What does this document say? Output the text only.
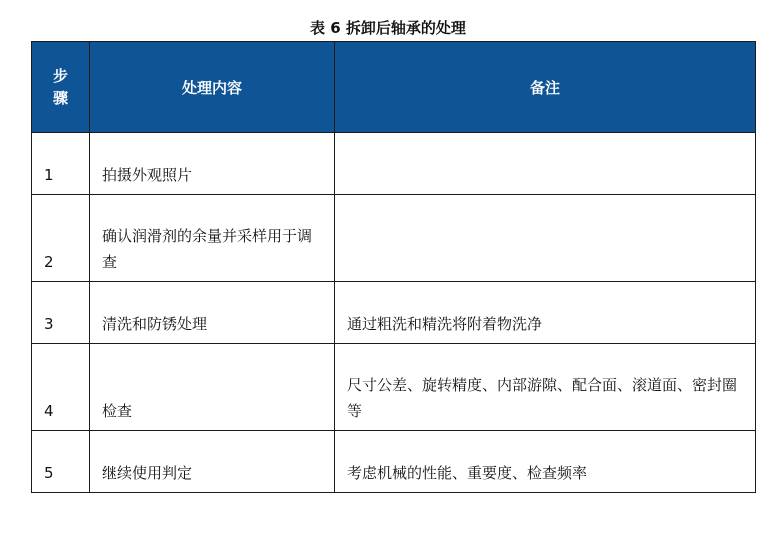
表 6 拆卸后轴承的处理
步
骤	处理内容	备注
1	拍摄外观照片	
2	确认润滑剂的余量并采样用于调查	
3	清洗和防锈处理	通过粗洗和精洗将附着物洗净
4	检查	尺寸公差、旋转精度、内部游隙、配合面、滚道面、密封圈等
5	继续使用判定	考虑机械的性能、重要度、检查频率
